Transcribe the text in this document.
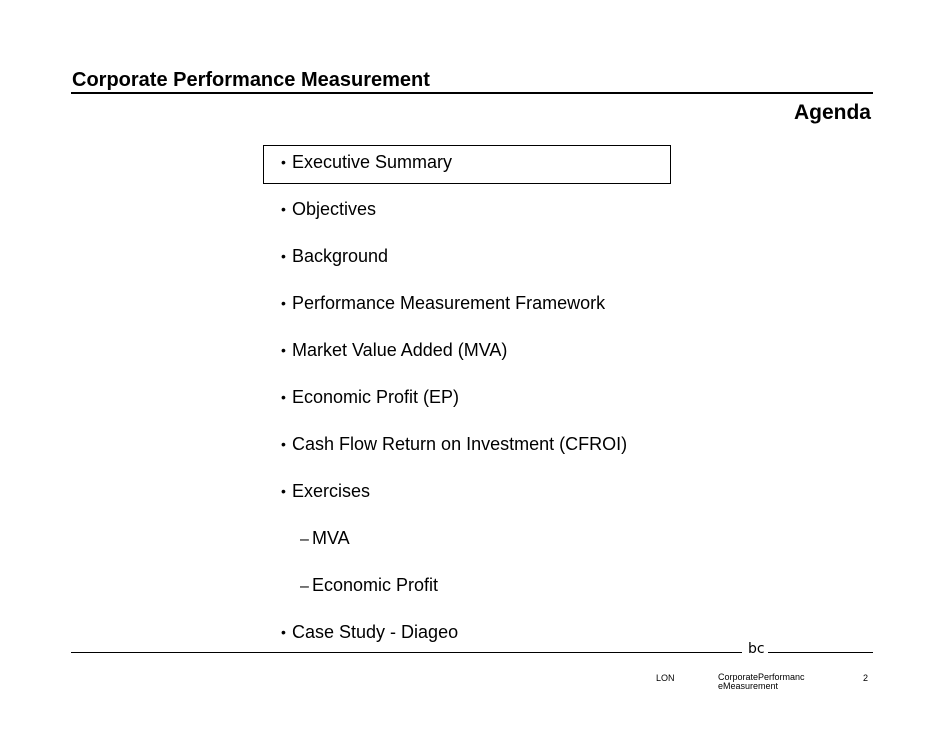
Corporate Performance Measurement
Agenda
• Executive Summary
• Objectives
• Background
• Performance Measurement Framework
• Market Value Added (MVA)
• Economic Profit (EP)
• Cash Flow Return on Investment (CFROI)
• Exercises
– MVA
– Economic Profit
• Case Study - Diageo
bc
LON	CorporatePerformanceMeasurement
2
